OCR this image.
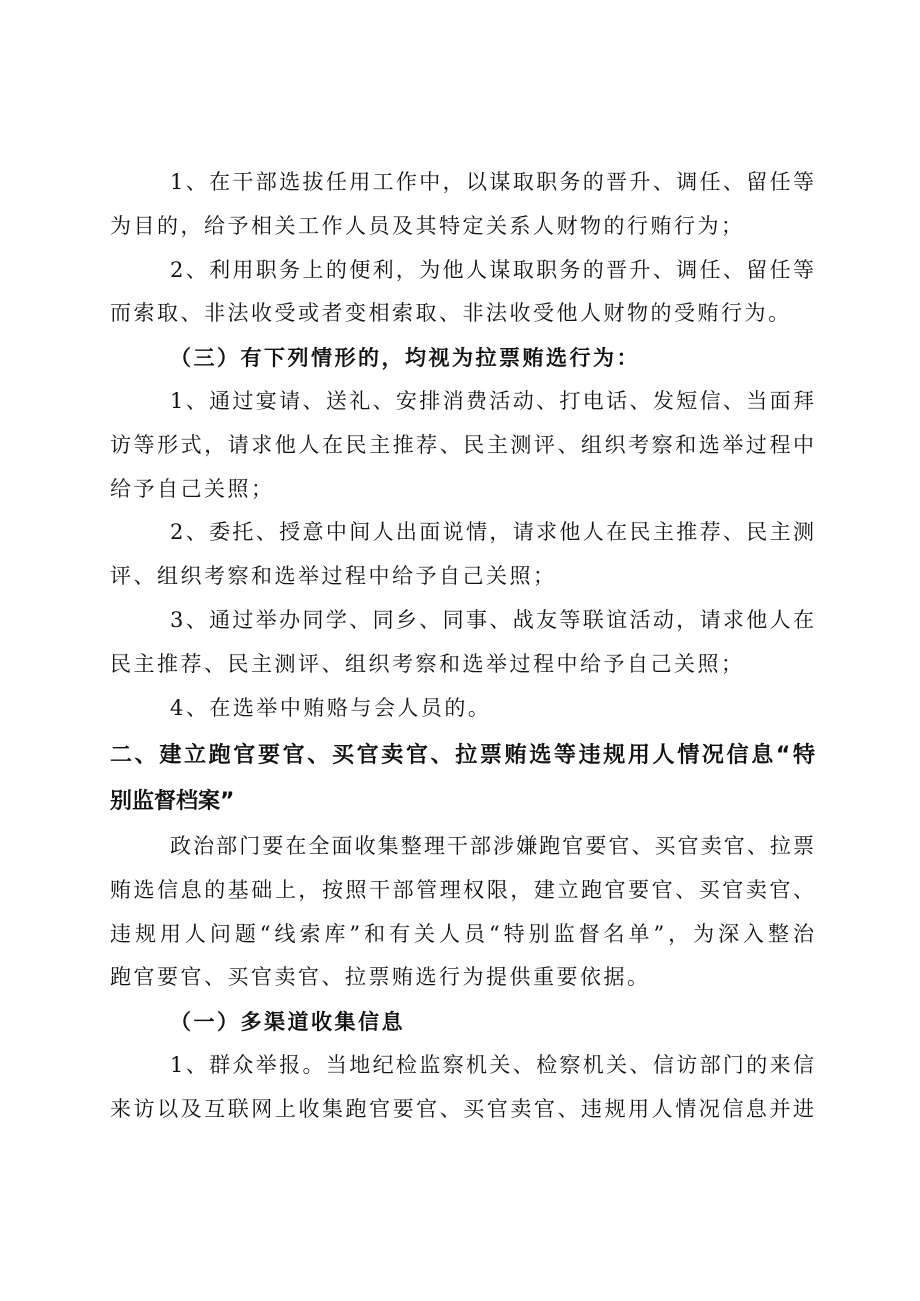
1、在干部选拔任用工作中，以谋取职务的晋升、调任、留任等
为目的，给予相关工作人员及其特定关系人财物的行贿行为；
2、利用职务上的便利，为他人谋取职务的晋升、调任、留任等
而索取、非法收受或者变相索取、非法收受他人财物的受贿行为。
（三）有下列情形的，均视为拉票贿选行为：
1、通过宴请、送礼、安排消费活动、打电话、发短信、当面拜
访等形式，请求他人在民主推荐、民主测评、组织考察和选举过程中
给予自己关照；
2、委托、授意中间人出面说情，请求他人在民主推荐、民主测
评、组织考察和选举过程中给予自己关照；
3、通过举办同学、同乡、同事、战友等联谊活动，请求他人在
民主推荐、民主测评、组织考察和选举过程中给予自己关照；
4、在选举中贿赂与会人员的。
二、建立跑官要官、买官卖官、拉票贿选等违规用人情况信息“特
别监督档案”
政治部门要在全面收集整理干部涉嫌跑官要官、买官卖官、拉票
贿选信息的基础上，按照干部管理权限，建立跑官要官、买官卖官、
违规用人问题“线索库”和有关人员“特别监督名单”，为深入整治
跑官要官、买官卖官、拉票贿选行为提供重要依据。
（一）多渠道收集信息
1、群众举报。当地纪检监察机关、检察机关、信访部门的来信
来访以及互联网上收集跑官要官、买官卖官、违规用人情况信息并进
